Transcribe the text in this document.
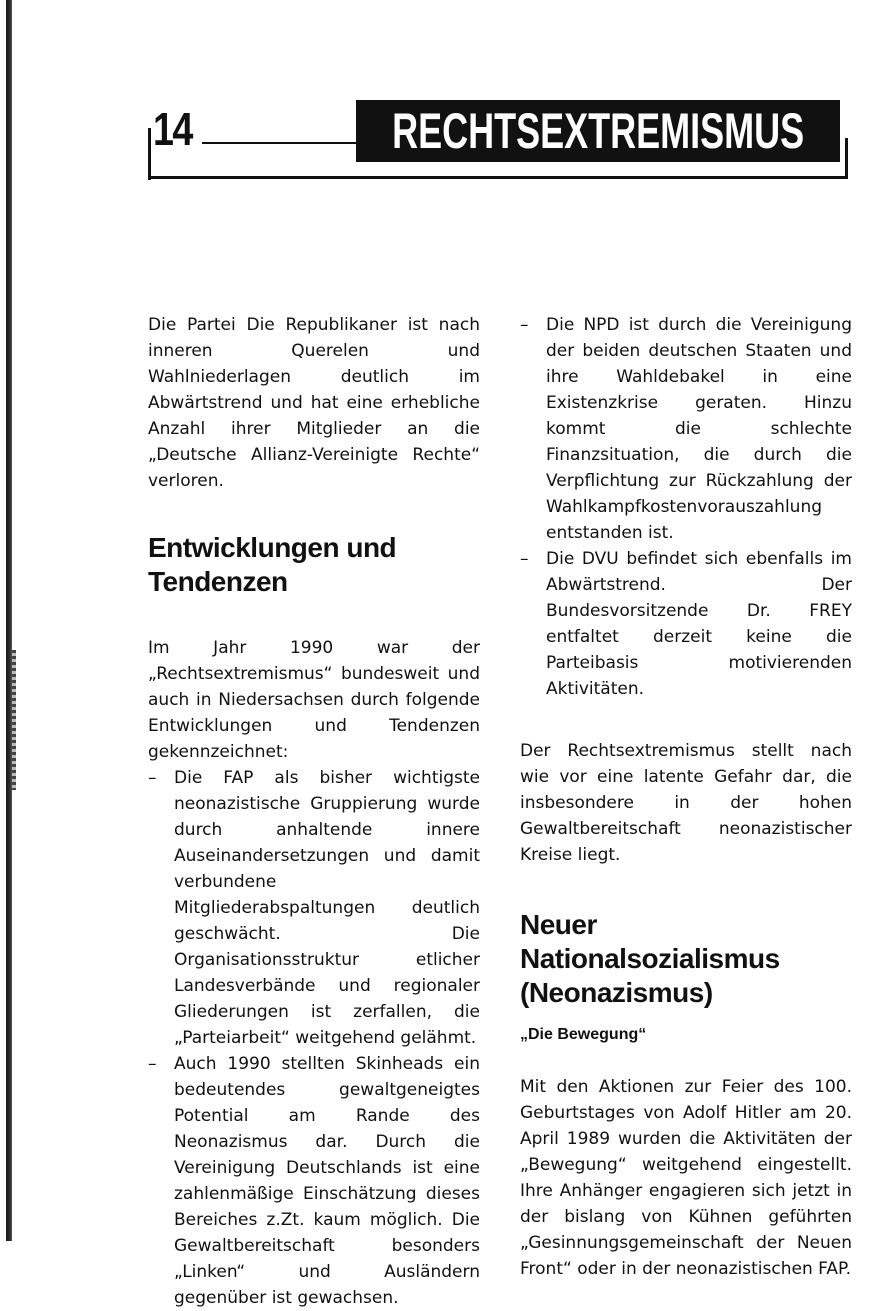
14	RECHTSEXTREMISMUS

Die Partei Die Republikaner ist nach inneren Querelen und Wahlniederlagen deutlich im Abwärtstrend und hat eine erhebliche Anzahl ihrer Mitglieder an die „Deutsche Allianz-Vereinigte Rechte“ verloren.

Entwicklungen und Tendenzen

Im Jahr 1990 war der „Rechtsextremismus“ bundesweit und auch in Niedersachsen durch folgende Entwicklungen und Tendenzen gekennzeichnet:

– Die FAP als bisher wichtigste neonazistische Gruppierung wurde durch anhaltende innere Auseinandersetzungen und damit verbundene Mitgliederabspaltungen deutlich geschwächt. Die Organisationsstruktur etlicher Landesverbände und regionaler Gliederungen ist zerfallen, die „Parteiarbeit“ weitgehend gelähmt.
– Auch 1990 stellten Skinheads ein bedeutendes gewaltgeneigtes Potential am Rande des Neonazismus dar. Durch die Vereinigung Deutschlands ist eine zahlenmäßige Einschätzung dieses Bereiches z.Zt. kaum möglich. Die Gewaltbereitschaft besonders „Linken“ und Ausländern gegenüber ist gewachsen.
– Die NPD ist durch die Vereinigung der beiden deutschen Staaten und ihre Wahldebakel in eine Existenzkrise geraten. Hinzu kommt die schlechte Finanzsituation, die durch die Verpflichtung zur Rückzahlung der Wahlkampfkostenvorauszahlung entstanden ist.
– Die DVU befindet sich ebenfalls im Abwärtstrend. Der Bundesvorsitzende Dr. FREY entfaltet derzeit keine die Parteibasis motivierenden Aktivitäten.

Der Rechtsextremismus stellt nach wie vor eine latente Gefahr dar, die insbesondere in der hohen Gewaltbereitschaft neonazistischer Kreise liegt.

Neuer Nationalsozialismus
(Neonazismus)
„Die Bewegung“

Mit den Aktionen zur Feier des 100. Geburtstages von Adolf Hitler am 20. April 1989 wurden die Aktivitäten der „Bewegung“ weitgehend eingestellt. Ihre Anhänger engagieren sich jetzt in der bislang von Kühnen geführten „Gesinnungsgemeinschaft der Neuen Front“ oder in der neonazistischen FAP.
